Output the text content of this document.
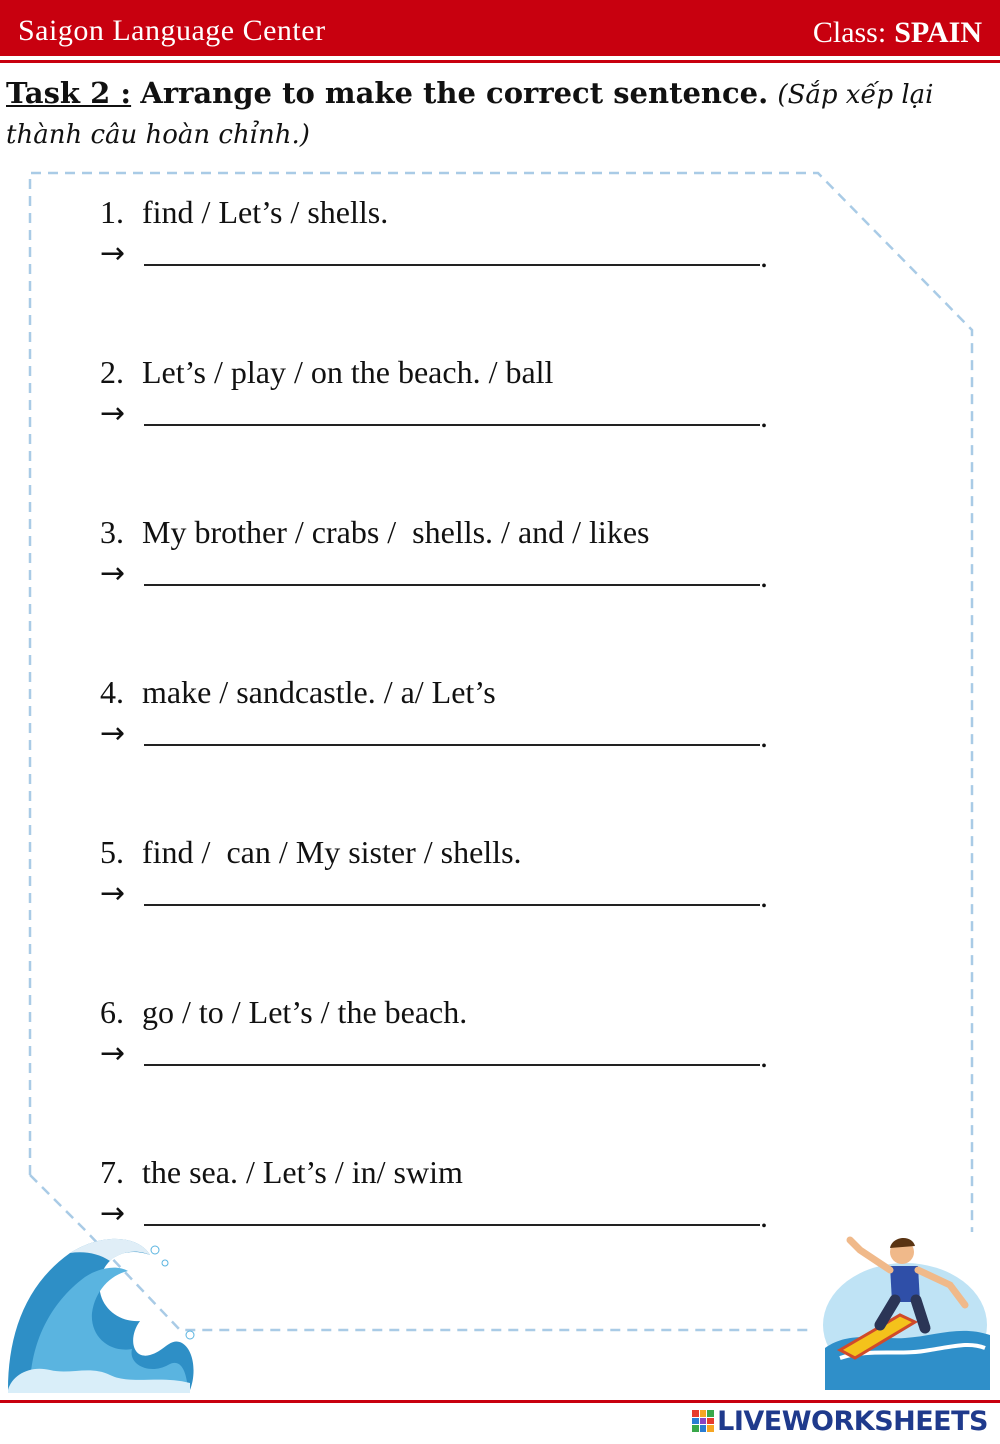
Saigon Language Center	Class: SPAIN
Task 2 : Arrange to make the correct sentence. (Sắp xếp lại thành câu hoàn chỉnh.)
1. find / Let’s / shells.
→	.
2. Let’s / play / on the beach. / ball
→	.
3. My brother / crabs /  shells. / and / likes
→	.
4. make / sandcastle. / a/ Let’s
→	.
5. find /  can / My sister / shells.
→	.
6. go / to / Let’s / the beach.
→	.
7. the sea. / Let’s / in/ swim
→	.
LIVEWORKSHEETS
